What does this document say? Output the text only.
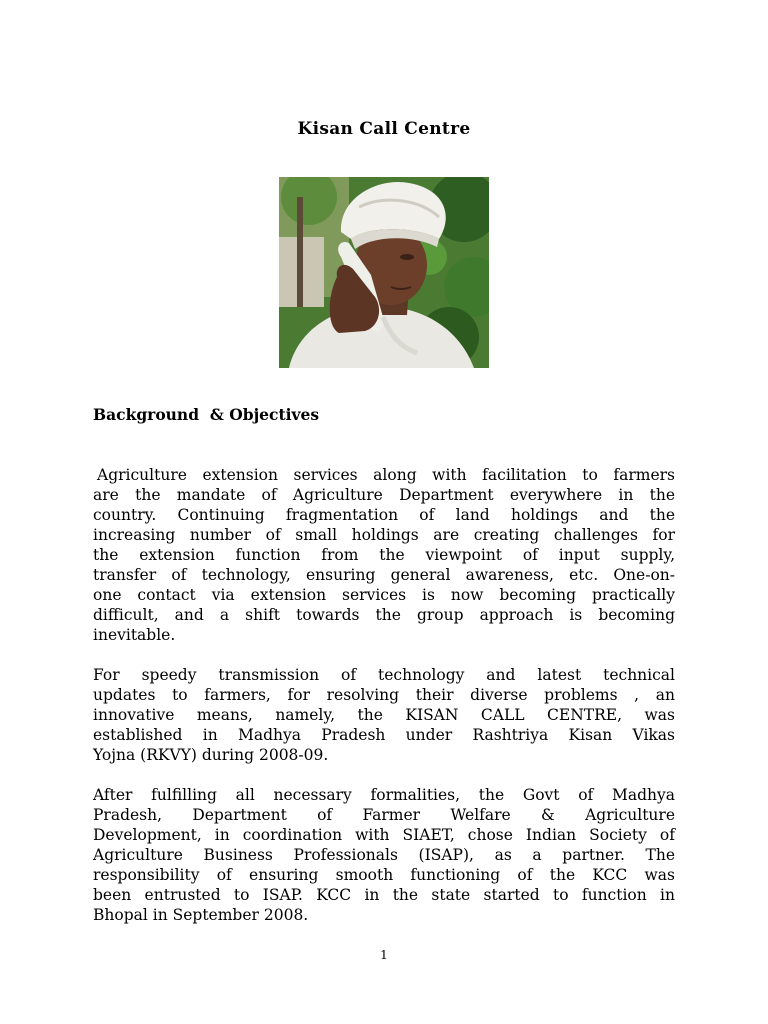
Kisan Call Centre
Background  & Objectives
Agriculture extension services along with facilitation to farmers
are the mandate of Agriculture Department everywhere in the
country. Continuing fragmentation of land holdings and the
increasing number of small holdings are creating challenges for
the extension function from the viewpoint of input supply,
transfer of technology, ensuring general awareness, etc. One-on-
one contact via extension services is now becoming practically
difficult, and a shift towards the group approach is becoming
inevitable.
For speedy transmission of technology and latest technical
updates to farmers, for resolving their diverse problems , an
innovative means, namely, the KISAN CALL CENTRE, was
established in Madhya Pradesh under Rashtriya Kisan Vikas
Yojna (RKVY) during 2008-09.
After fulfilling all necessary formalities, the Govt of Madhya
Pradesh, Department of Farmer Welfare & Agriculture
Development, in coordination with SIAET, chose Indian Society of
Agriculture Business Professionals (ISAP), as a partner. The
responsibility of ensuring smooth functioning of the KCC was
been entrusted to ISAP. KCC in the state started to function in
Bhopal in September 2008.
1
